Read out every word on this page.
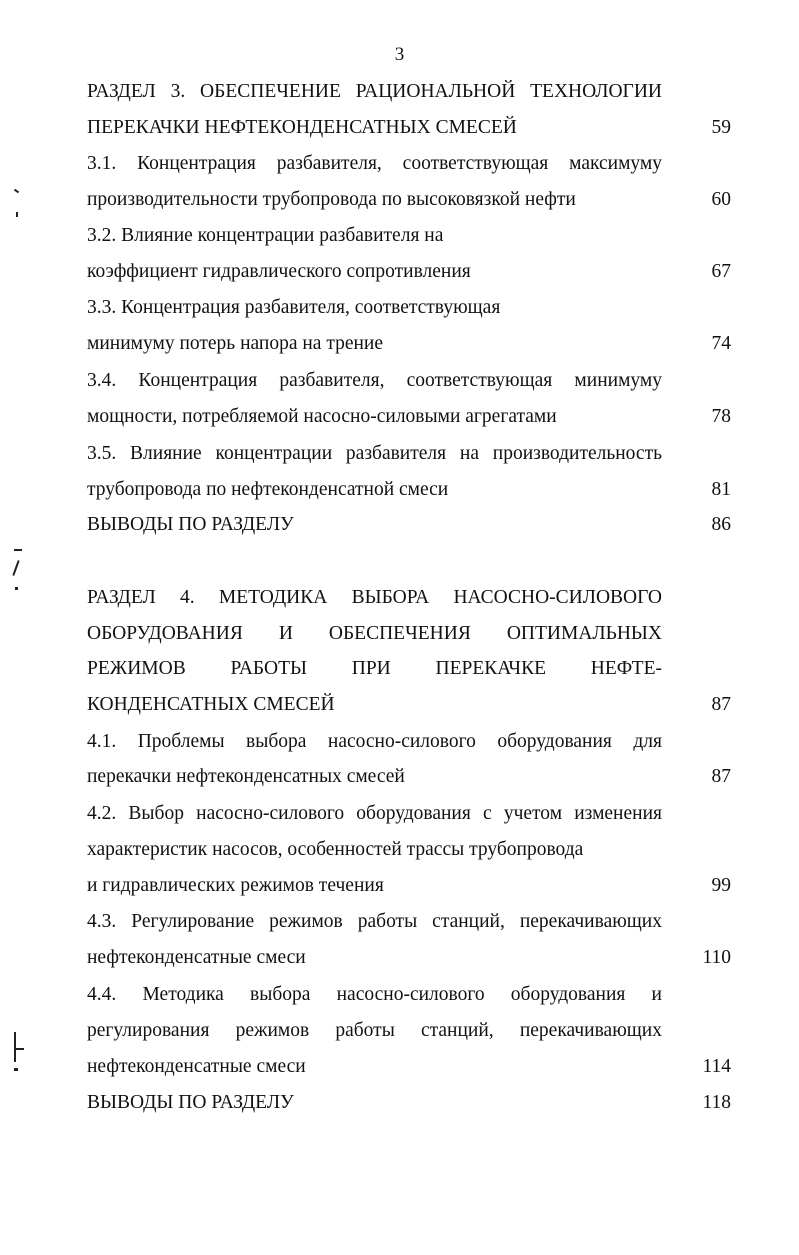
3
РАЗДЕЛ 3. ОБЕСПЕЧЕНИЕ РАЦИОНАЛЬНОЙ ТЕХНОЛОГИИ
ПЕРЕКАЧКИ НЕФТЕКОНДЕНСАТНЫХ СМЕСЕЙ	59
3.1. Концентрация разбавителя, соответствующая максимуму
производительности трубопровода по высоковязкой нефти	60
3.2. Влияние концентрации разбавителя на
коэффициент гидравлического сопротивления	67
3.3. Концентрация разбавителя, соответствующая
минимуму потерь напора на трение	74
3.4. Концентрация разбавителя, соответствующая минимуму
мощности, потребляемой насосно-силовыми агрегатами	78
3.5. Влияние концентрации разбавителя на производительность
трубопровода по нефтеконденсатной смеси	81
ВЫВОДЫ ПО РАЗДЕЛУ	86
РАЗДЕЛ 4. МЕТОДИКА ВЫБОРА НАСОСНО-СИЛОВОГО
ОБОРУДОВАНИЯ И ОБЕСПЕЧЕНИЯ ОПТИМАЛЬНЫХ
РЕЖИМОВ РАБОТЫ ПРИ ПЕРЕКАЧКЕ НЕФТЕ-
КОНДЕНСАТНЫХ СМЕСЕЙ	87
4.1. Проблемы выбора насосно-силового оборудования для
перекачки нефтеконденсатных смесей	87
4.2. Выбор насосно-силового оборудования с учетом изменения
характеристик насосов, особенностей трассы трубопровода
и гидравлических режимов течения	99
4.3. Регулирование режимов работы станций, перекачивающих
нефтеконденсатные смеси	110
4.4. Методика выбора насосно-силового оборудования и
регулирования режимов работы станций, перекачивающих
нефтеконденсатные смеси	114
ВЫВОДЫ ПО РАЗДЕЛУ	118
